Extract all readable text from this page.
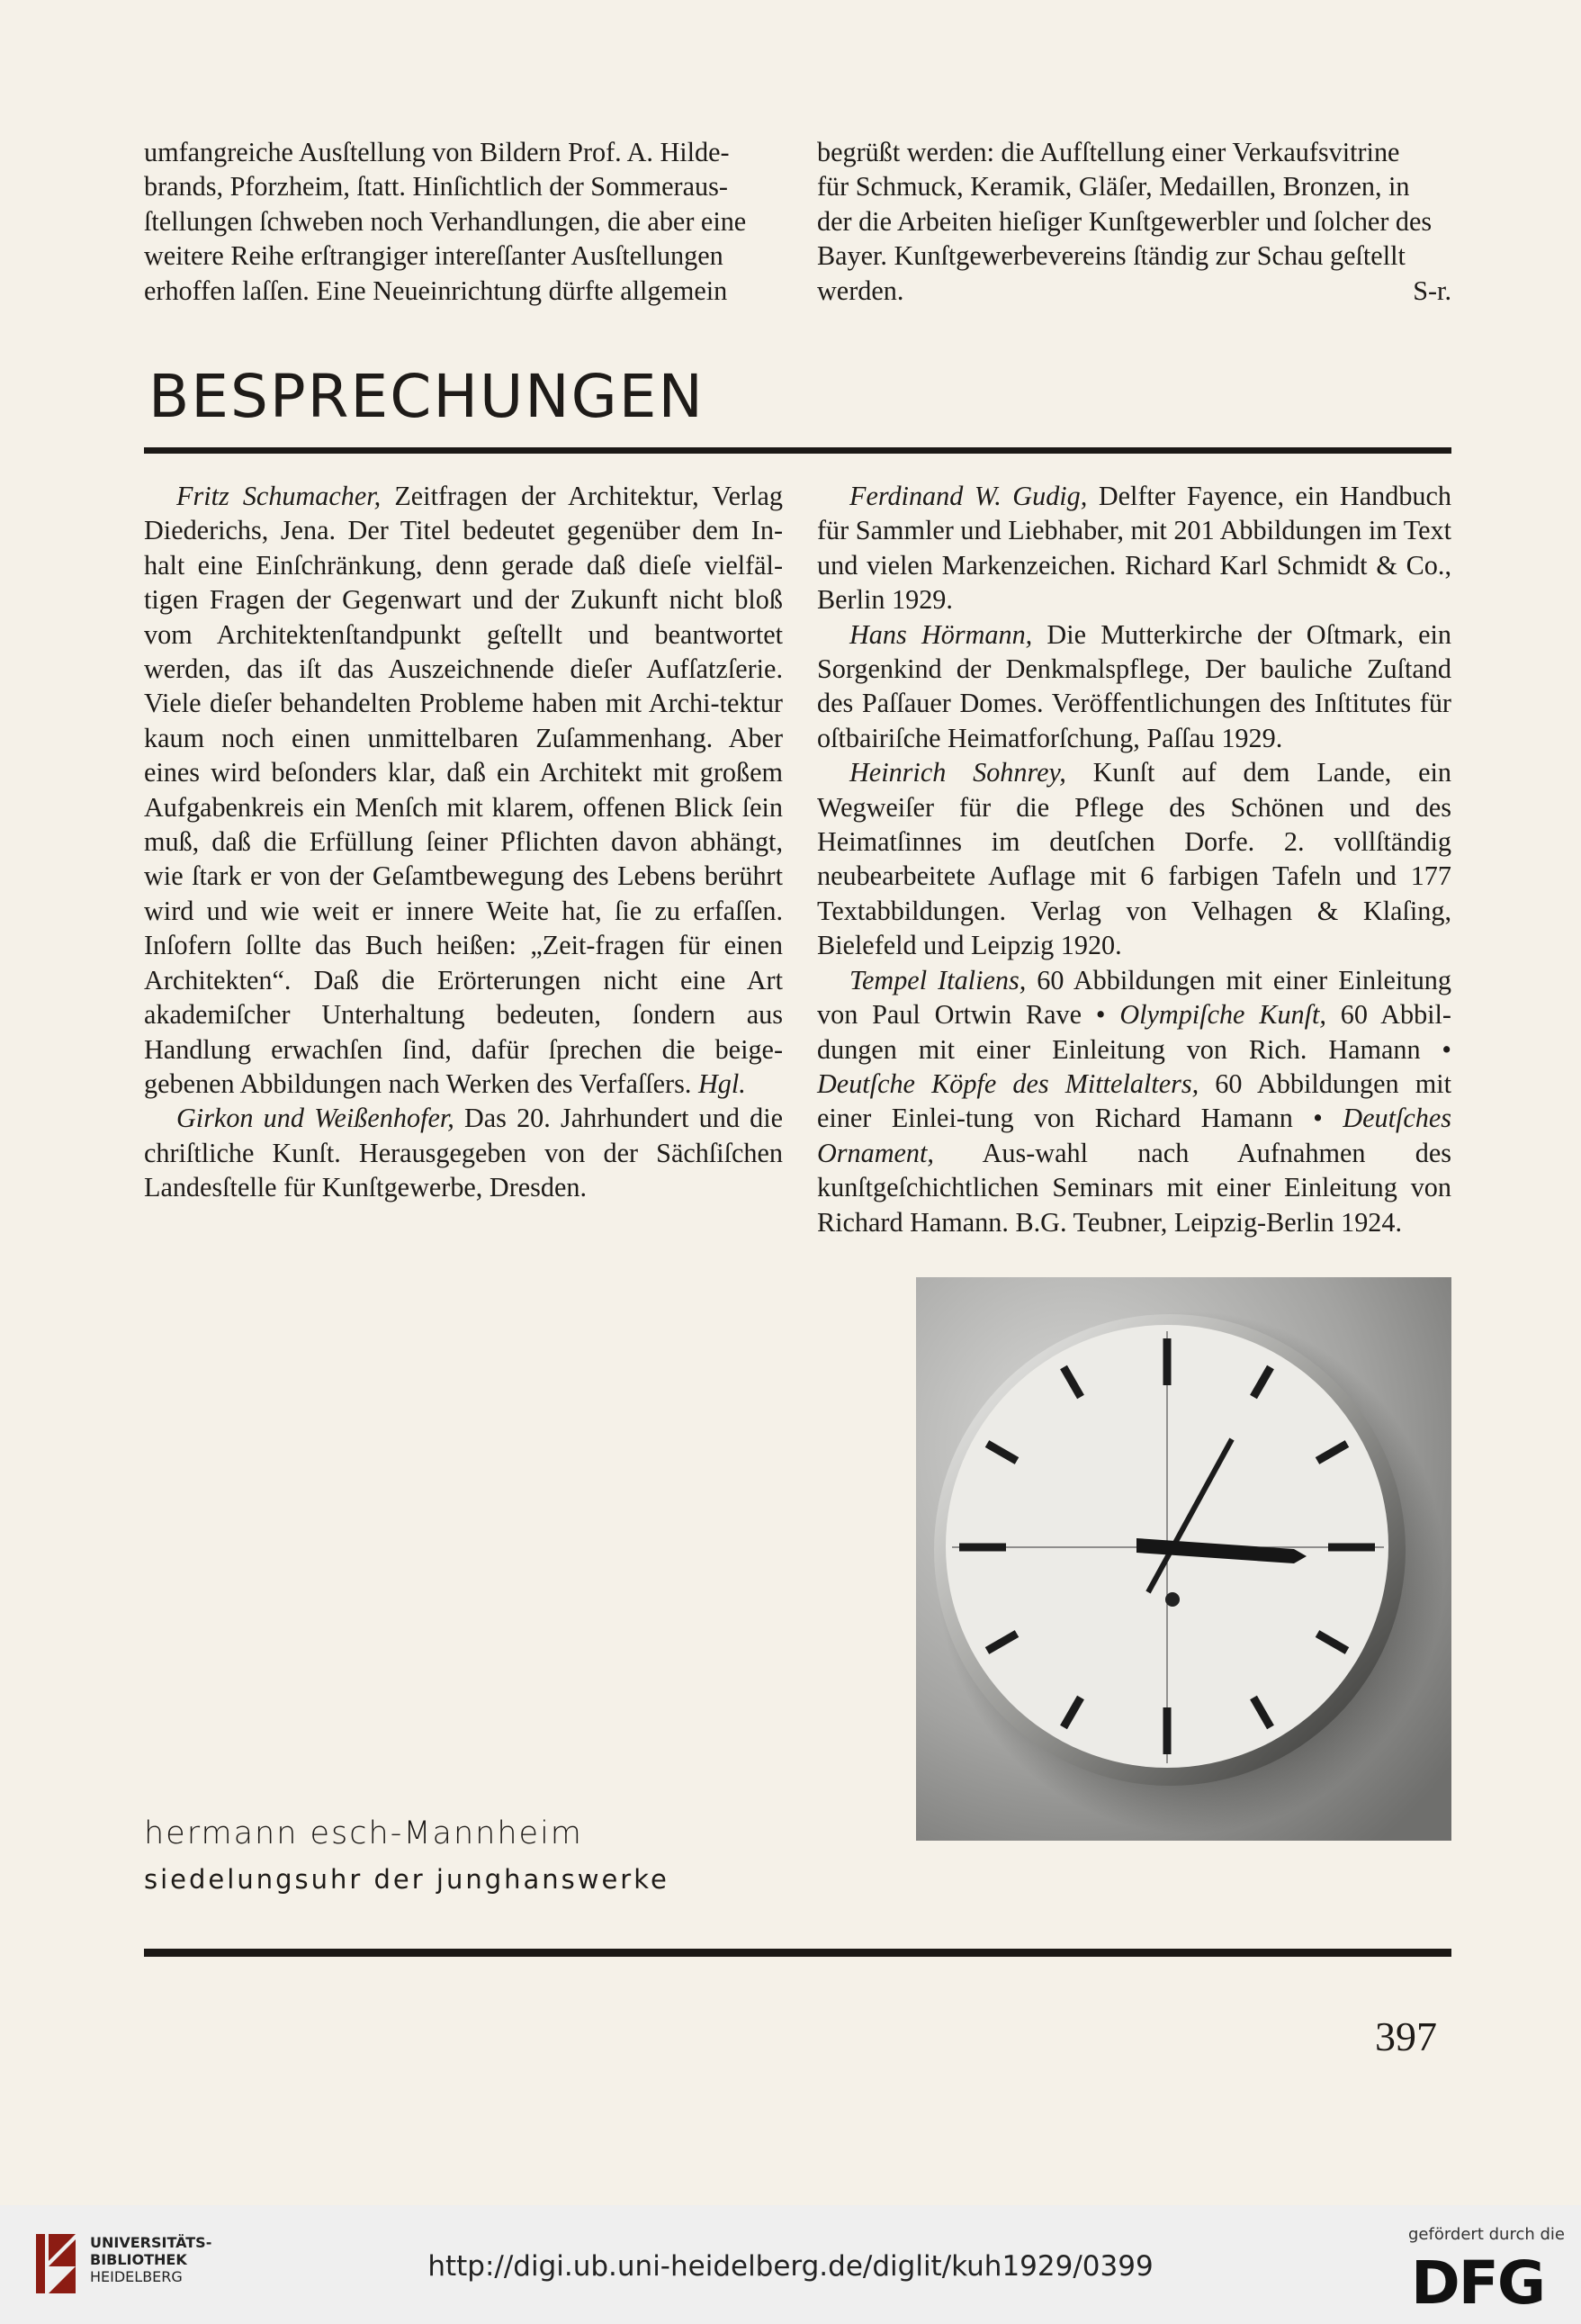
umfangreiche Ausſtellung von Bildern Prof. A. Hilde-

brands, Pforzheim, ſtatt. Hinſichtlich der Sommeraus-

ſtellungen ſchweben noch Verhandlungen, die aber eine

weitere Reihe erſtrangiger intereſſanter Ausſtellungen

erhoffen laſſen. Eine Neueinrichtung dürfte allgemein

begrüßt werden: die Aufſtellung einer Verkaufsvitrine

für Schmuck, Keramik, Gläſer, Medaillen, Bronzen, in

der die Arbeiten hieſiger Kunſtgewerbler und ſolcher des

Bayer. Kunſtgewerbevereins ſtändig zur Schau geſtellt

werden.	S-r.

BESPRECHUNGEN

Fritz Schumacher, Zeitfragen der Architektur, Verlag Diederichs, Jena. Der Titel bedeutet gegenüber dem In-halt eine Einſchränkung, denn gerade daß dieſe vielfäl-tigen Fragen der Gegenwart und der Zukunft nicht bloß vom Architektenſtandpunkt geſtellt und beantwortet werden, das iſt das Auszeichnende dieſer Aufſatzſerie. Viele dieſer behandelten Probleme haben mit Archi-tektur kaum noch einen unmittelbaren Zuſammenhang. Aber eines wird beſonders klar, daß ein Architekt mit großem Aufgabenkreis ein Menſch mit klarem, offenen Blick ſein muß, daß die Erfüllung ſeiner Pflichten davon abhängt, wie ſtark er von der Geſamtbewegung des Lebens berührt wird und wie weit er innere Weite hat, ſie zu erfaſſen. Inſofern ſollte das Buch heißen: „Zeit-fragen für einen Architekten“. Daß die Erörterungen nicht eine Art akademiſcher Unterhaltung bedeuten, ſondern aus Handlung erwachſen ſind, dafür ſprechen die beige-gebenen Abbildungen nach Werken des Verfaſſers. Hgl.

Girkon und Weißenhofer, Das 20. Jahrhundert und die chriſtliche Kunſt. Herausgegeben von der Sächſiſchen Landesſtelle für Kunſtgewerbe, Dresden.

Ferdinand W. Gudig, Delfter Fayence, ein Handbuch für Sammler und Liebhaber, mit 201 Abbildungen im Text und vielen Markenzeichen. Richard Karl Schmidt & Co., Berlin 1929.

Hans Hörmann, Die Mutterkirche der Oſtmark, ein Sorgenkind der Denkmalspflege, Der bauliche Zuſtand des Paſſauer Domes. Veröffentlichungen des Inſtitutes für oſtbairiſche Heimatforſchung, Paſſau 1929.

Heinrich Sohnrey, Kunſt auf dem Lande, ein Wegweiſer für die Pflege des Schönen und des Heimatſinnes im deutſchen Dorfe. 2. vollſtändig neubearbeitete Auflage mit 6 farbigen Tafeln und 177 Textabbildungen. Verlag von Velhagen & Klaſing, Bielefeld und Leipzig 1920.

Tempel Italiens, 60 Abbildungen mit einer Einleitung von Paul Ortwin Rave • Olympiſche Kunſt, 60 Abbil-dungen mit einer Einleitung von Rich. Hamann • Deutſche Köpfe des Mittelalters, 60 Abbildungen mit einer Einlei-tung von Richard Hamann • Deutſches Ornament, Aus-wahl nach Aufnahmen des kunſtgeſchichtlichen Seminars mit einer Einleitung von Richard Hamann. B.G. Teubner, Leipzig-Berlin 1924.

hermann esch-Mannheim
siedelungsuhr der junghanswerke
397
UNIVERSITÄTS-
BIBLIOTHEK
HEIDELBERG	http://digi.ub.uni-heidelberg.de/diglit/kuh1929/0399
gefördert durch die
DFG
